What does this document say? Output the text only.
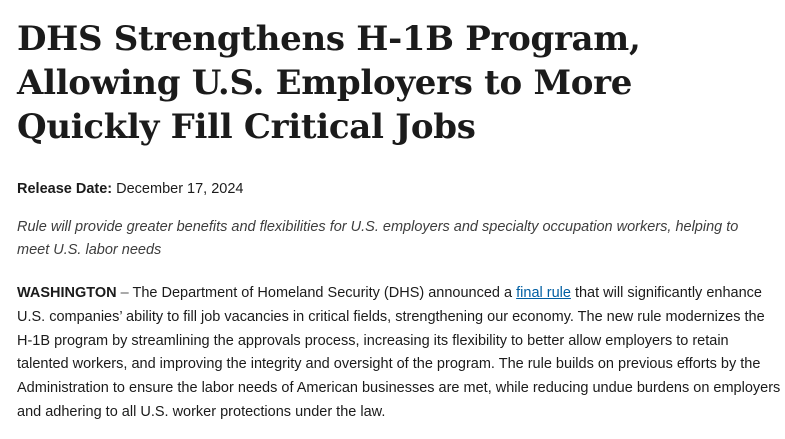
DHS Strengthens H-1B Program, Allowing U.S. Employers to More Quickly Fill Critical Jobs

Release Date: December 17, 2024

Rule will provide greater benefits and flexibilities for U.S. employers and specialty occupation workers, helping to meet U.S. labor needs

WASHINGTON – The Department of Homeland Security (DHS) announced a final rule that will significantly enhance U.S. companies’ ability to fill job vacancies in critical fields, strengthening our economy. The new rule modernizes the H-1B program by streamlining the approvals process, increasing its flexibility to better allow employers to retain talented workers, and improving the integrity and oversight of the program. The rule builds on previous efforts by the Administration to ensure the labor needs of American businesses are met, while reducing undue burdens on employers and adhering to all U.S. worker protections under the law.
